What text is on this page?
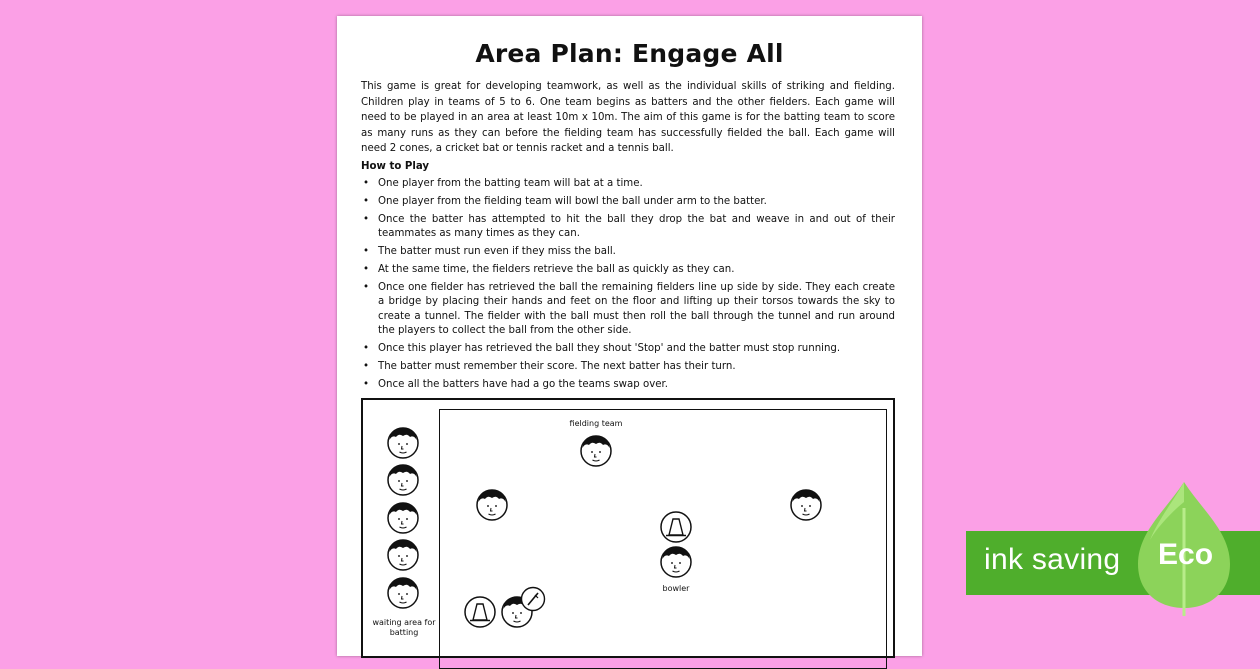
Area Plan: Engage All
This game is great for developing teamwork, as well as the individual skills of striking and fielding. Children play in teams of 5 to 6. One team begins as batters and the other fielders. Each game will need to be played in an area at least 10m x 10m. The aim of this game is for the batting team to score as many runs as they can before the fielding team has successfully fielded the ball. Each game will need 2 cones, a cricket bat or tennis racket and a tennis ball.
How to Play
• One player from the batting team will bat at a time.
• One player from the fielding team will bowl the ball under arm to the batter.
• Once the batter has attempted to hit the ball they drop the bat and weave in and out of their teammates as many times as they can.
• The batter must run even if they miss the ball.
• At the same time, the fielders retrieve the ball as quickly as they can.
• Once one fielder has retrieved the ball the remaining fielders line up side by side. They each create a bridge by placing their hands and feet on the floor and lifting up their torsos towards the sky to create a tunnel. The fielder with the ball must then roll the ball through the tunnel and run around the players to collect the ball from the other side.
• Once this player has retrieved the ball they shout 'Stop' and the batter must stop running.
• The batter must remember their score. The next batter has their turn.
• Once all the batters have had a go the teams swap over.
waiting area for batting
fielding team
bowler
ink saving Eco
